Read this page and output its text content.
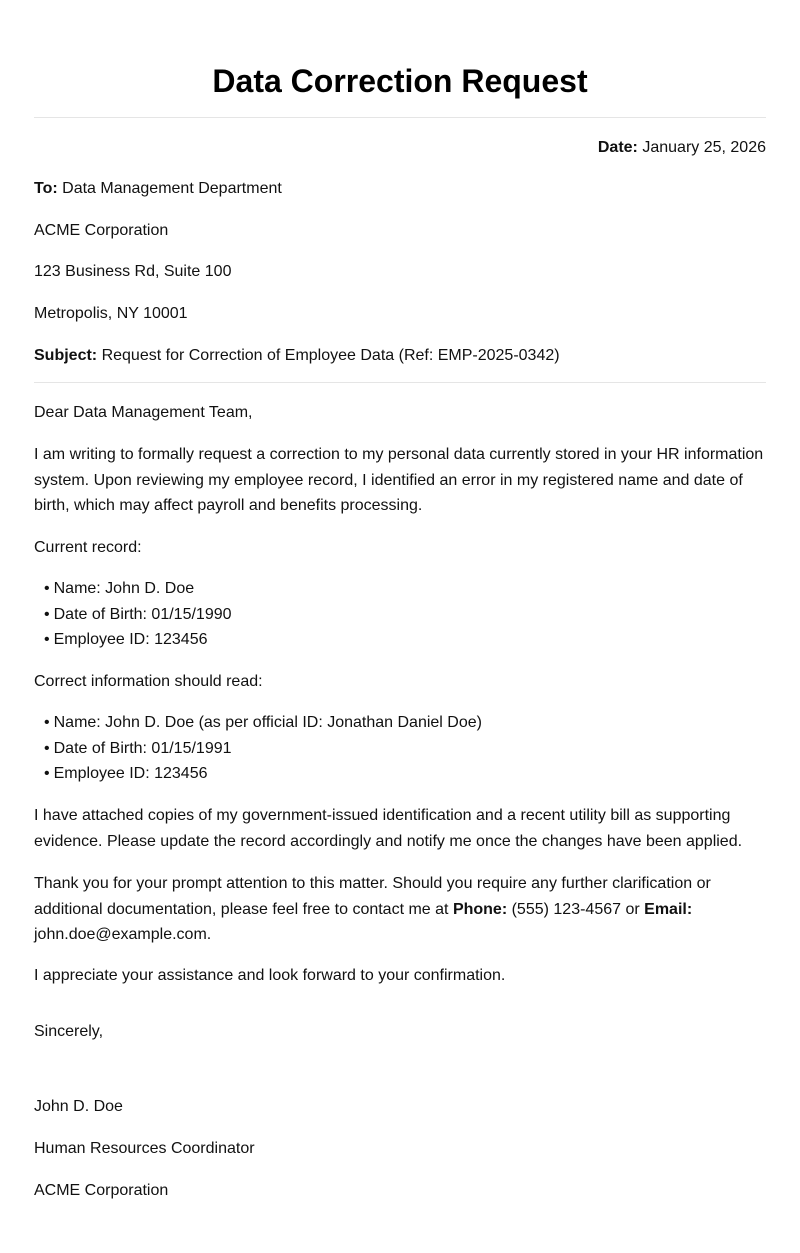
Data Correction Request
Date: January 25, 2026
To: Data Management Department
ACME Corporation
123 Business Rd, Suite 100
Metropolis, NY 10001
Subject: Request for Correction of Employee Data (Ref: EMP-2025-0342)
Dear Data Management Team,
I am writing to formally request a correction to my personal data currently stored in your HR information system. Upon reviewing my employee record, I identified an error in my registered name and date of birth, which may affect payroll and benefits processing.
Current record:
• Name: John D. Doe
• Date of Birth: 01/15/1990
• Employee ID: 123456
Correct information should read:
• Name: John D. Doe (as per official ID: Jonathan Daniel Doe)
• Date of Birth: 01/15/1991
• Employee ID: 123456
I have attached copies of my government-issued identification and a recent utility bill as supporting evidence. Please update the record accordingly and notify me once the changes have been applied.
Thank you for your prompt attention to this matter. Should you require any further clarification or additional documentation, please feel free to contact me at Phone: (555) 123-4567 or Email: john.doe@example.com.
I appreciate your assistance and look forward to your confirmation.
Sincerely,
John D. Doe
Human Resources Coordinator
ACME Corporation
